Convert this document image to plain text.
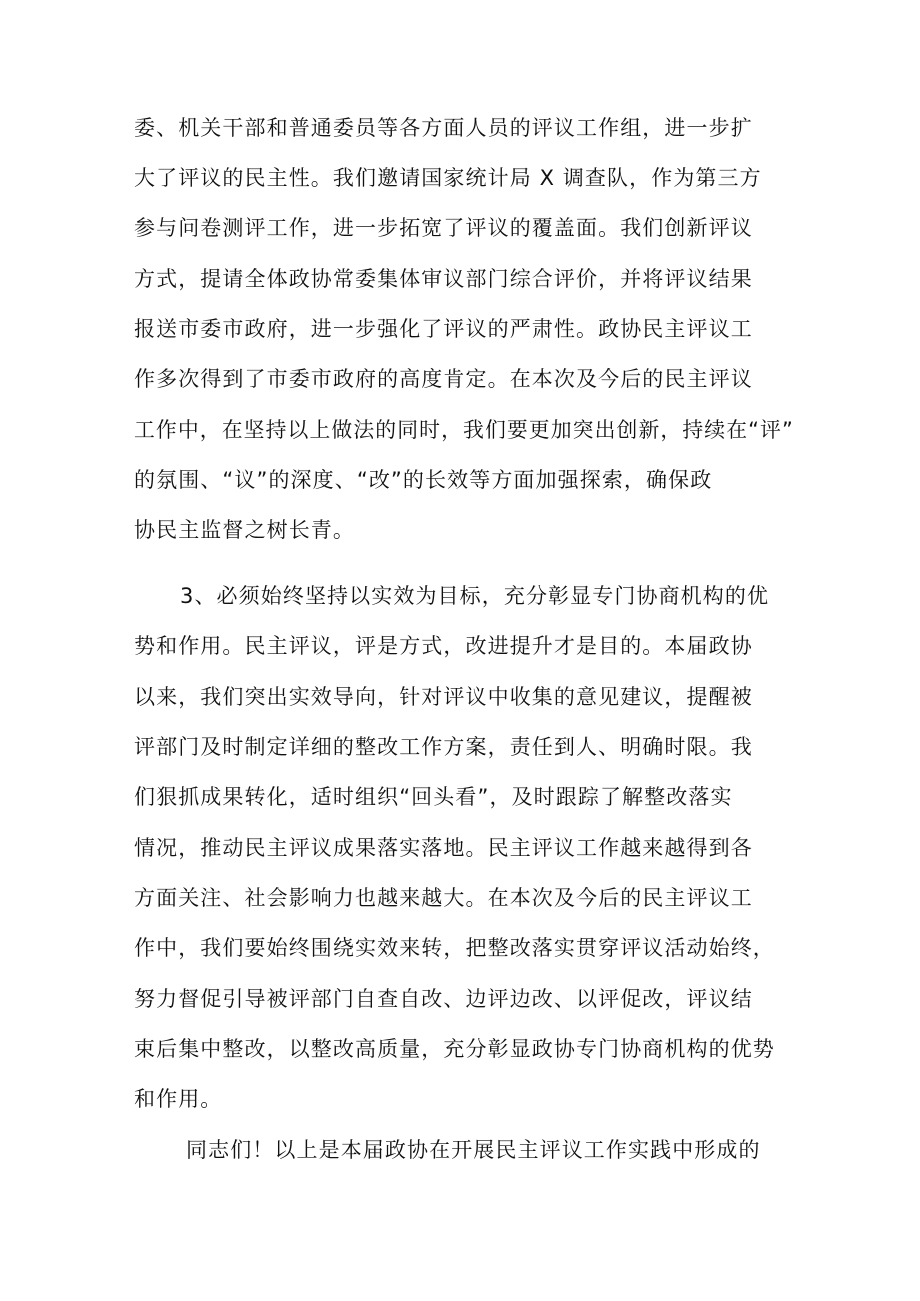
委、机关干部和普通委员等各方面人员的评议工作组，进一步扩
大了评议的民主性。我们邀请国家统计局 X 调查队，作为第三方
参与问卷测评工作，进一步拓宽了评议的覆盖面。我们创新评议
方式，提请全体政协常委集体审议部门综合评价，并将评议结果
报送市委市政府，进一步强化了评议的严肃性。政协民主评议工
作多次得到了市委市政府的高度肯定。在本次及今后的民主评议
工作中，在坚持以上做法的同时，我们要更加突出创新，持续在“评”
的氛围、“议”的深度、“改”的长效等方面加强探索，确保政
协民主监督之树长青。
3、必须始终坚持以实效为目标，充分彰显专门协商机构的优
势和作用。民主评议，评是方式，改进提升才是目的。本届政协
以来，我们突出实效导向，针对评议中收集的意见建议，提醒被
评部门及时制定详细的整改工作方案，责任到人、明确时限。我
们狠抓成果转化，适时组织“回头看”，及时跟踪了解整改落实
情况，推动民主评议成果落实落地。民主评议工作越来越得到各
方面关注、社会影响力也越来越大。在本次及今后的民主评议工
作中，我们要始终围绕实效来转，把整改落实贯穿评议活动始终，
努力督促引导被评部门自查自改、边评边改、以评促改，评议结
束后集中整改，以整改高质量，充分彰显政协专门协商机构的优势
和作用。
同志们！以上是本届政协在开展民主评议工作实践中形成的
